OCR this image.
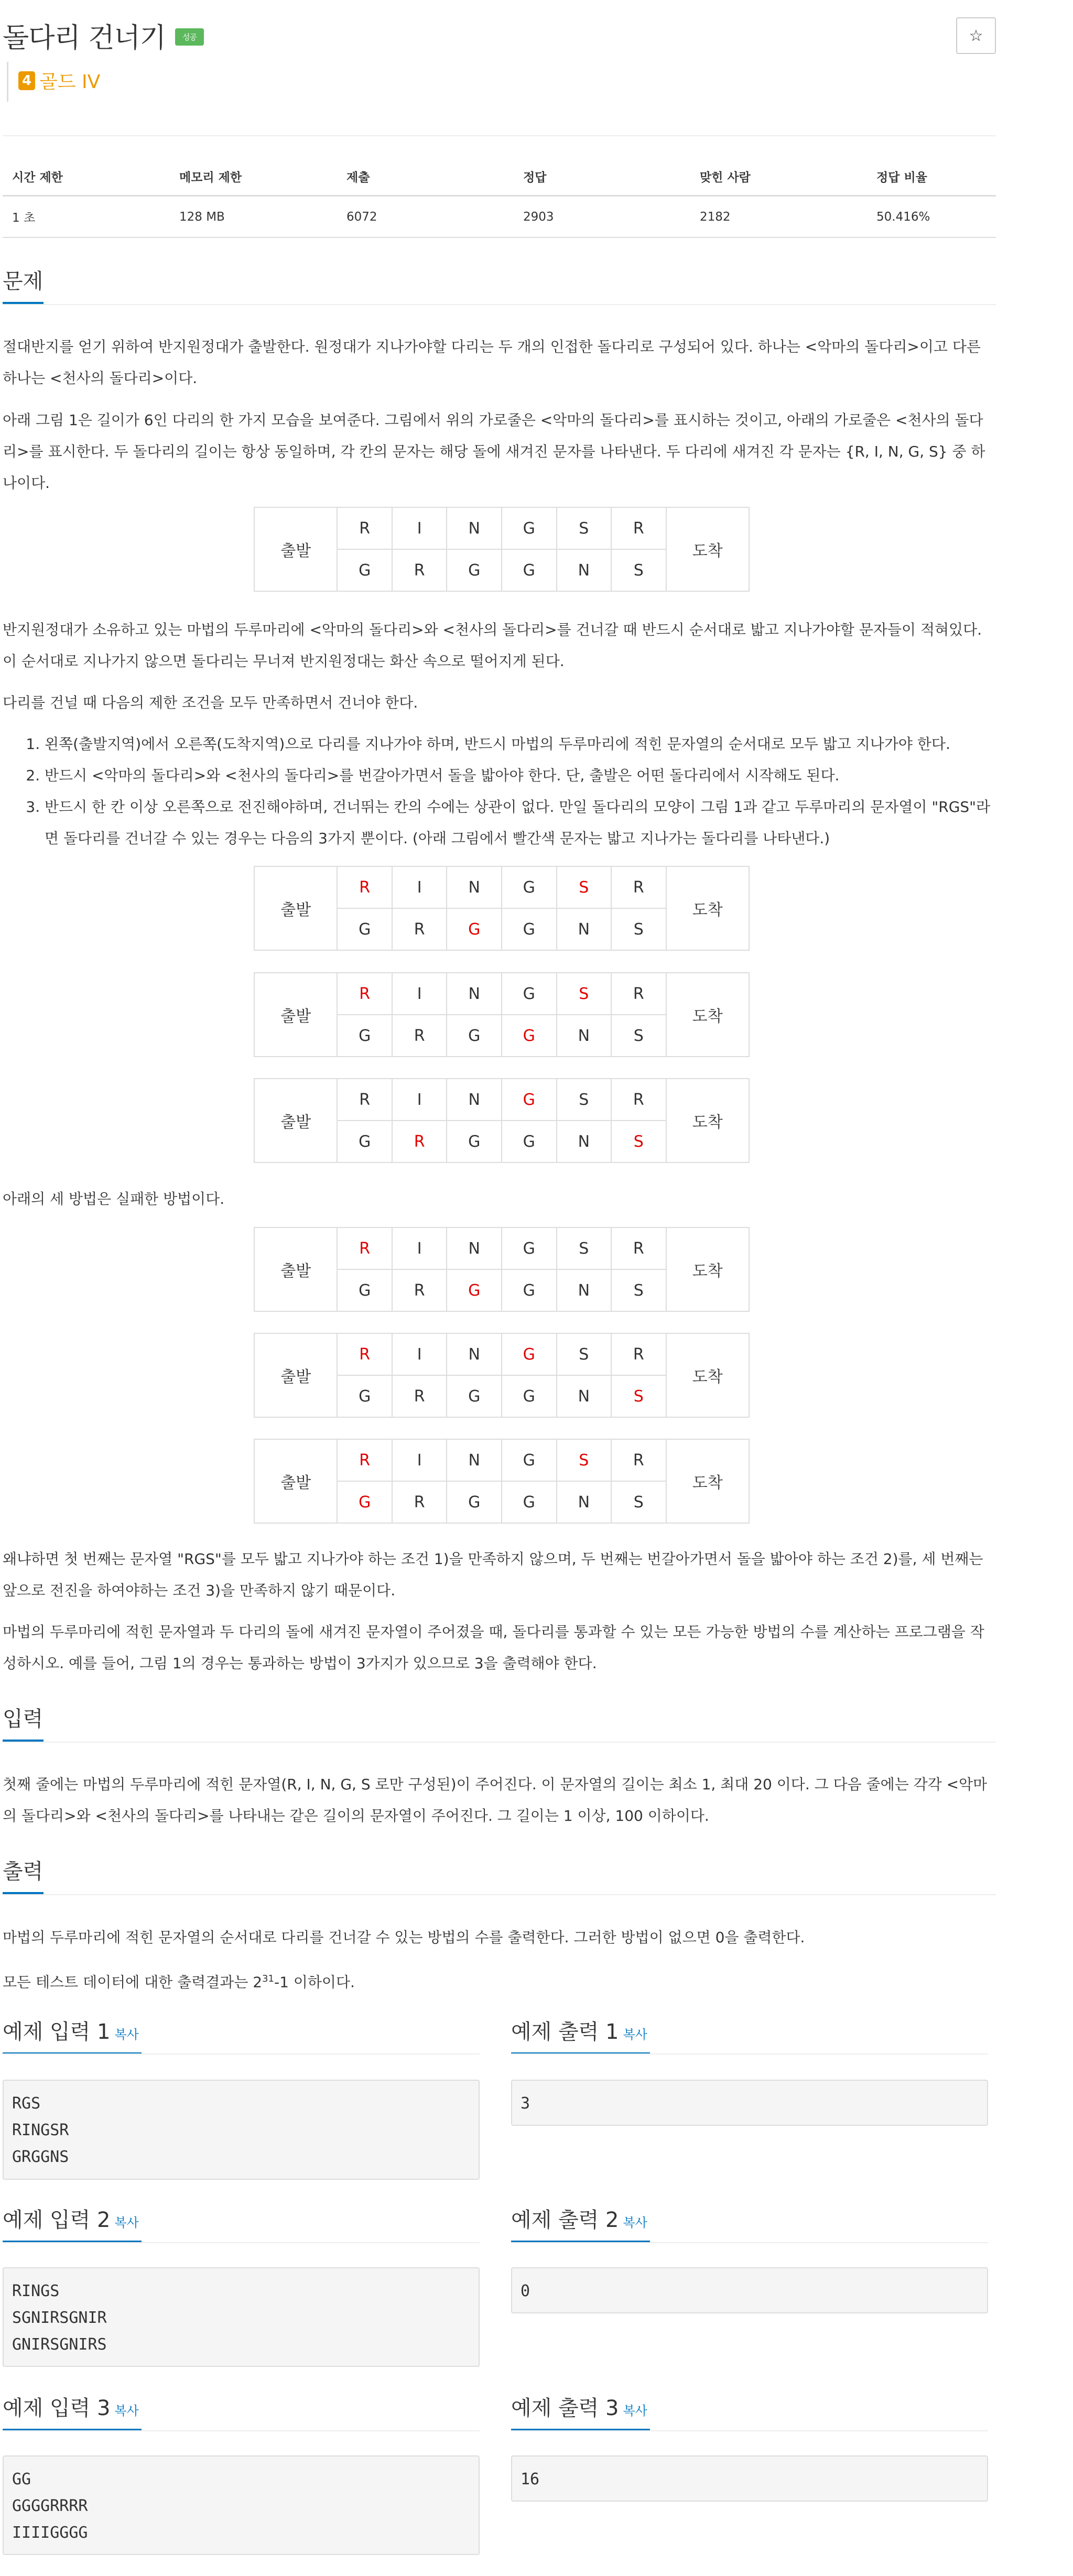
돌다리 건너기 성공	☆
4 골드 IV
시간 제한	메모리 제한	제출	정답	맞힌 사람	정답 비율
1 초	128 MB	6072	2903	2182	50.416%
문제
절대반지를 얻기 위하여 반지원정대가 출발한다. 원정대가 지나가야할 다리는 두 개의 인접한 돌다리로 구성되어 있다. 하나는 <악마의 돌다리>이고 다른 하나는 <천사의 돌다리>이다.
아래 그림 1은 길이가 6인 다리의 한 가지 모습을 보여준다. 그림에서 위의 가로줄은 <악마의 돌다리>를 표시하는 것이고, 아래의 가로줄은 <천사의 돌다리>를 표시한다. 두 돌다리의 길이는 항상 동일하며, 각 칸의 문자는 해당 돌에 새겨진 문자를 나타낸다. 두 다리에 새겨진 각 문자는 {R, I, N, G, S} 중 하나이다.
출발	R	I	N	G	S	R	도착
	G	R	G	G	N	S	
반지원정대가 소유하고 있는 마법의 두루마리에 <악마의 돌다리>와 <천사의 돌다리>를 건너갈 때 반드시 순서대로 밟고 지나가야할 문자들이 적혀있다. 이 순서대로 지나가지 않으면 돌다리는 무너져 반지원정대는 화산 속으로 떨어지게 된다.
다리를 건널 때 다음의 제한 조건을 모두 만족하면서 건너야 한다.
1. 왼쪽(출발지역)에서 오른쪽(도착지역)으로 다리를 지나가야 하며, 반드시 마법의 두루마리에 적힌 문자열의 순서대로 모두 밟고 지나가야 한다.
2. 반드시 <악마의 돌다리>와 <천사의 돌다리>를 번갈아가면서 돌을 밟아야 한다. 단, 출발은 어떤 돌다리에서 시작해도 된다.
3. 반드시 한 칸 이상 오른쪽으로 전진해야하며, 건너뛰는 칸의 수에는 상관이 없다. 만일 돌다리의 모양이 그림 1과 같고 두루마리의 문자열이 "RGS"라면 돌다리를 건너갈 수 있는 경우는 다음의 3가지 뿐이다. (아래 그림에서 빨간색 문자는 밟고 지나가는 돌다리를 나타낸다.)
출발	R	I	N	G	S	R	도착
	G	R	G	G	N	S	
출발	R	I	N	G	S	R	도착
	G	R	G	G	N	S	
출발	R	I	N	G	S	R	도착
	G	R	G	G	N	S	
아래의 세 방법은 실패한 방법이다.
출발	R	I	N	G	S	R	도착
	G	R	G	G	N	S	
출발	R	I	N	G	S	R	도착
	G	R	G	G	N	S	
출발	R	I	N	G	S	R	도착
	G	R	G	G	N	S	
왜냐하면 첫 번째는 문자열 "RGS"를 모두 밟고 지나가야 하는 조건 1)을 만족하지 않으며, 두 번째는 번갈아가면서 돌을 밟아야 하는 조건 2)를, 세 번째는 앞으로 전진을 하여야하는 조건 3)을 만족하지 않기 때문이다.
마법의 두루마리에 적힌 문자열과 두 다리의 돌에 새겨진 문자열이 주어졌을 때, 돌다리를 통과할 수 있는 모든 가능한 방법의 수를 계산하는 프로그램을 작성하시오. 예를 들어, 그림 1의 경우는 통과하는 방법이 3가지가 있으므로 3을 출력해야 한다.
입력
첫째 줄에는 마법의 두루마리에 적힌 문자열(R, I, N, G, S 로만 구성된)이 주어진다. 이 문자열의 길이는 최소 1, 최대 20 이다. 그 다음 줄에는 각각 <악마의 돌다리>와 <천사의 돌다리>를 나타내는 같은 길이의 문자열이 주어진다. 그 길이는 1 이상, 100 이하이다.
출력
마법의 두루마리에 적힌 문자열의 순서대로 다리를 건너갈 수 있는 방법의 수를 출력한다. 그러한 방법이 없으면 0을 출력한다.
모든 테스트 데이터에 대한 출력결과는 $2^{31}-1$ 이하이다.
예제 입력 1 복사
RGS
RINGSR
GRGGNS
예제 출력 1 복사
3
예제 입력 2 복사
RINGS
SGNIRSGNIR
GNIRSGNIRS
예제 출력 2 복사
0
예제 입력 3 복사
GG
GGGGRRRR
IIIIGGGG
예제 출력 3 복사
16
